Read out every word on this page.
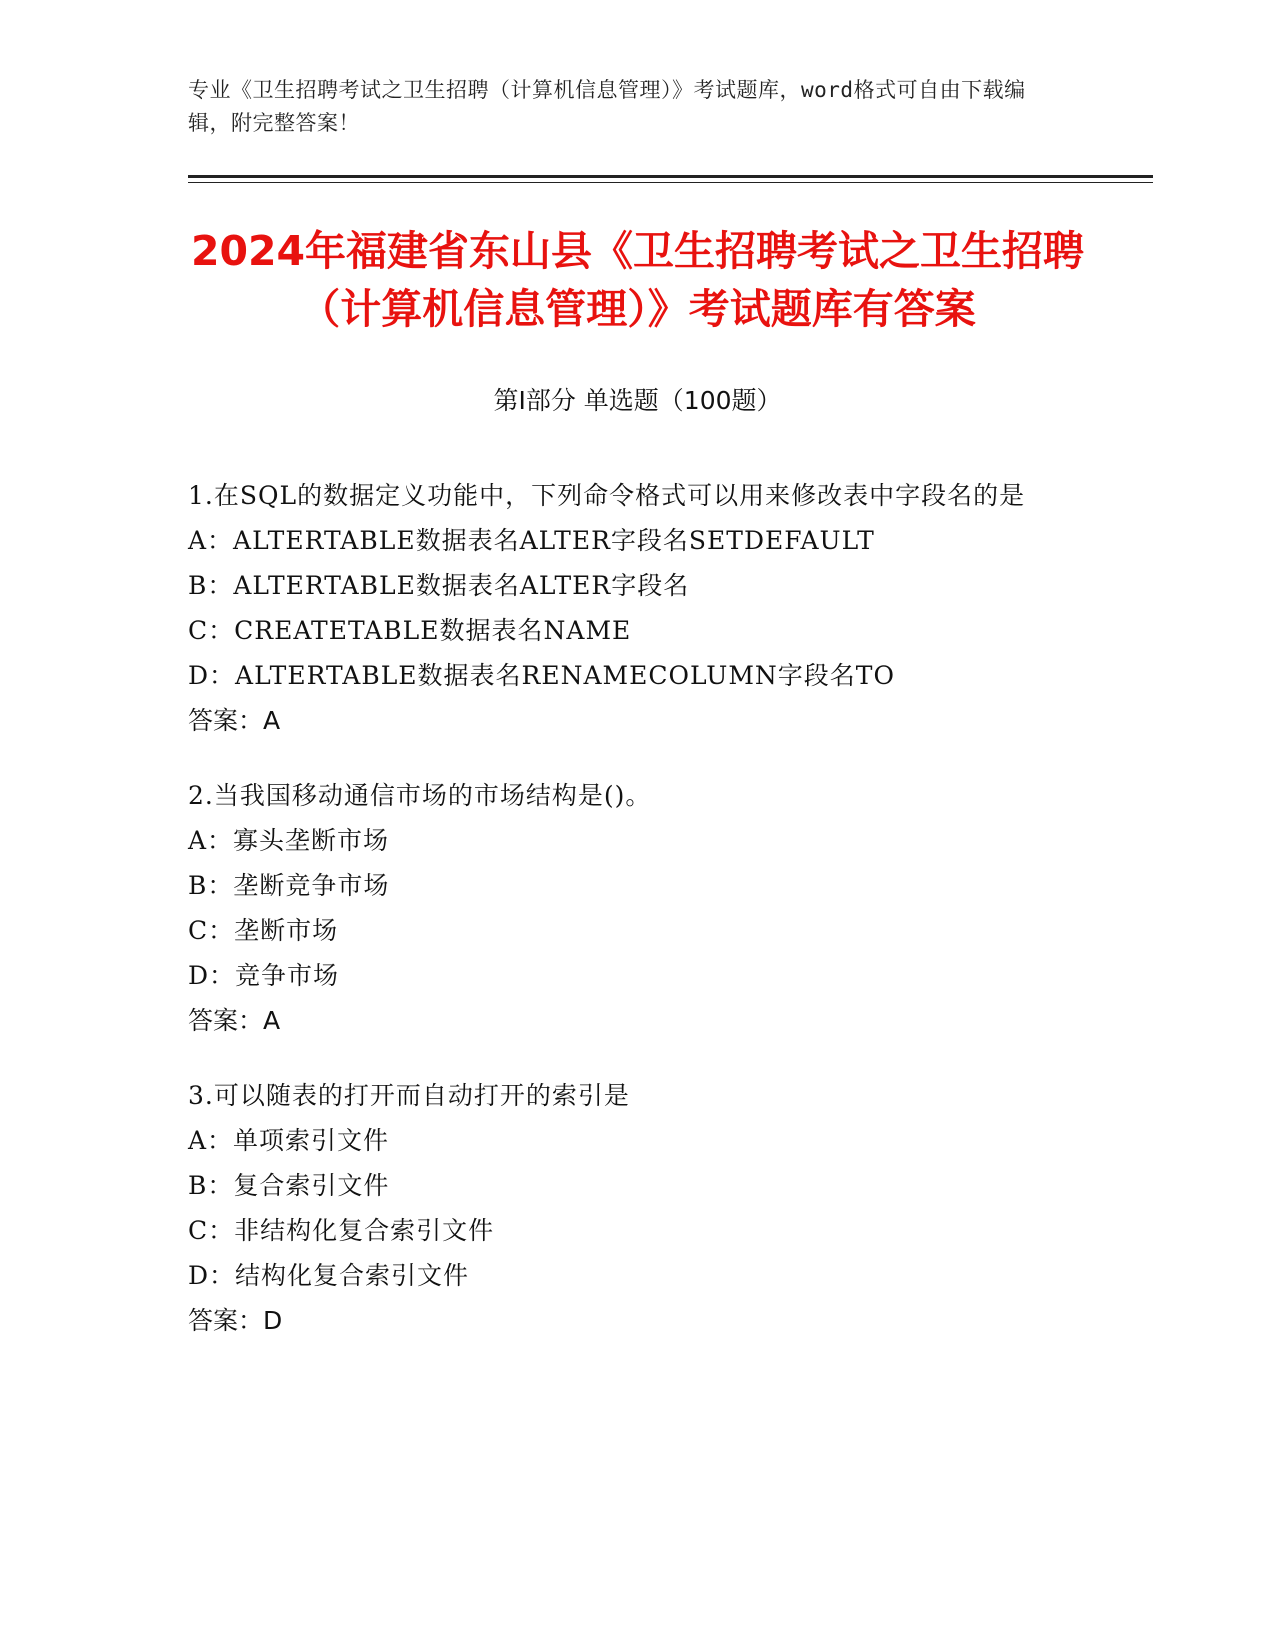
专业《卫生招聘考试之卫生招聘（计算机信息管理）》考试题库，word格式可自由下载编辑，附完整答案！
2024年福建省东山县《卫生招聘考试之卫生招聘（计算机信息管理）》考试题库有答案
第Ⅰ部分 单选题（100题）
1.在SQL的数据定义功能中，下列命令格式可以用来修改表中字段名的是
A：ALTERTABLE数据表名ALTER字段名SETDEFAULT
B：ALTERTABLE数据表名ALTER字段名
C：CREATETABLE数据表名NAME
D：ALTERTABLE数据表名RENAMECOLUMN字段名TO
答案：A
2.当我国移动通信市场的市场结构是()。
A：寡头垄断市场
B：垄断竞争市场
C：垄断市场
D：竞争市场
答案：A
3.可以随表的打开而自动打开的索引是
A：单项索引文件
B：复合索引文件
C：非结构化复合索引文件
D：结构化复合索引文件
答案：D
